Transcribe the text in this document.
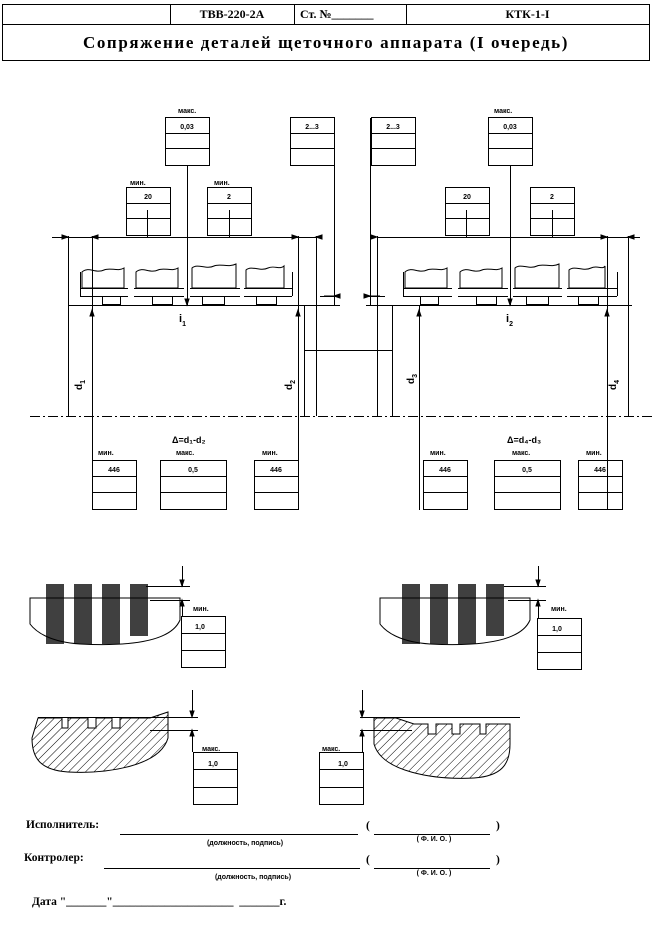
макс.	макс.
мин.	мин.
0,03	2...3	2...3	0,03
20	2	20	2
мин.	макс.	мин.	мин.	макс.	мин.
446	0,5	446	446	0,5	446
мин.	мин.
1,0	1,0
макс.	макс.
1,0	1,0
Δ=d₁-d₂	Δ=d₄-d₃
$i_1$	$i_2$
$d_1$
$d_2$	$d_3$
$d_4$
ТВВ-220-2А	Ст. №_______	КТК-1-I
Сопряжение деталей щеточного аппарата (I очередь)
Исполнитель:	(	)
(должность, подпись)
( Ф. И. О. )
Контролер:	(	)
(должность, подпись)
( Ф. И. О. )
Дата "_______"_____________________  _______г.
